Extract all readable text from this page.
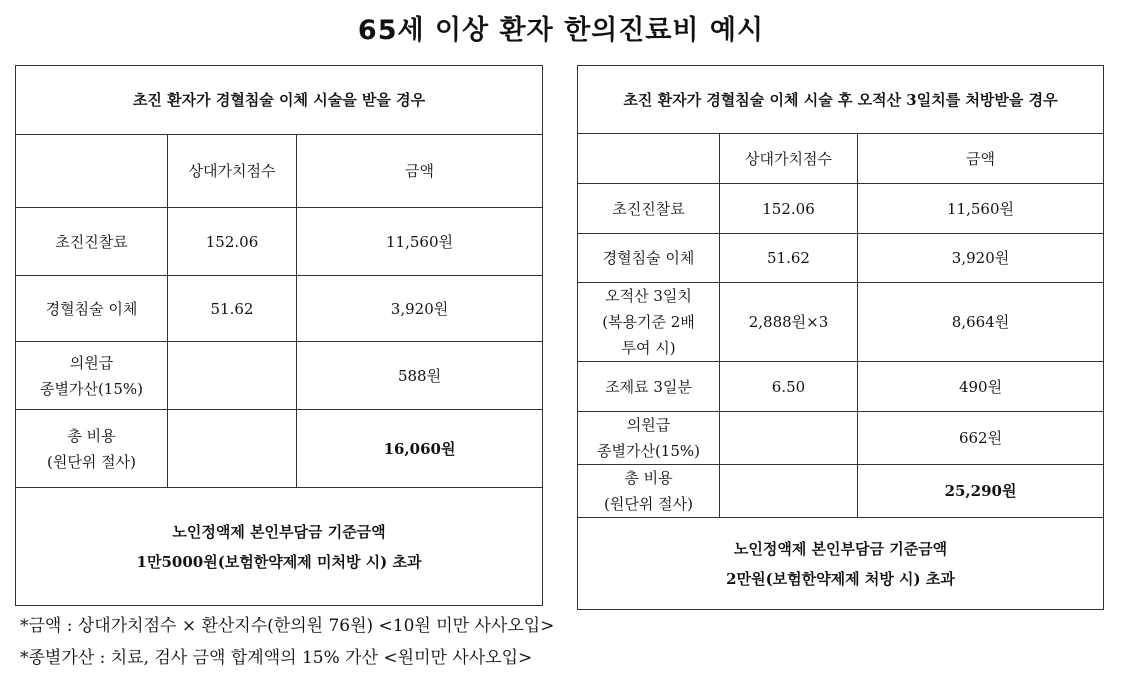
65세 이상 환자 한의진료비 예시
초진 환자가 경혈침술 이체 시술을 받을 경우		
	상대가치점수	금액
초진진찰료	152.06	11,560원
경혈침술 이체	51.62	3,920원

의원급
종별가산(15%)		588원

총 비용
(원단위 절사)		16,060원

노인정액제 본인부담금 기준금액
1만5000원(보험한약제제 미처방 시) 초과		
초진 환자가 경혈침술 이체 시술 후 오적산 3일치를 처방받을 경우		
	상대가치점수	금액
초진진찰료	152.06	11,560원
경혈침술 이체	51.62	3,920원

오적산 3일치
(복용기준 2배
투여 시)	2,888원×3	8,664원
조제료 3일분	6.50	490원

의원급
종별가산(15%)		662원

총 비용
(원단위 절사)		25,290원

노인정액제 본인부담금 기준금액
2만원(보험한약제제 처방 시) 초과		
*금액 : 상대가치점수 × 환산지수(한의원 76원) <10원 미만 사사오입>
*종별가산 : 치료, 검사 금액 합계액의 15% 가산 <원미만 사사오입>
